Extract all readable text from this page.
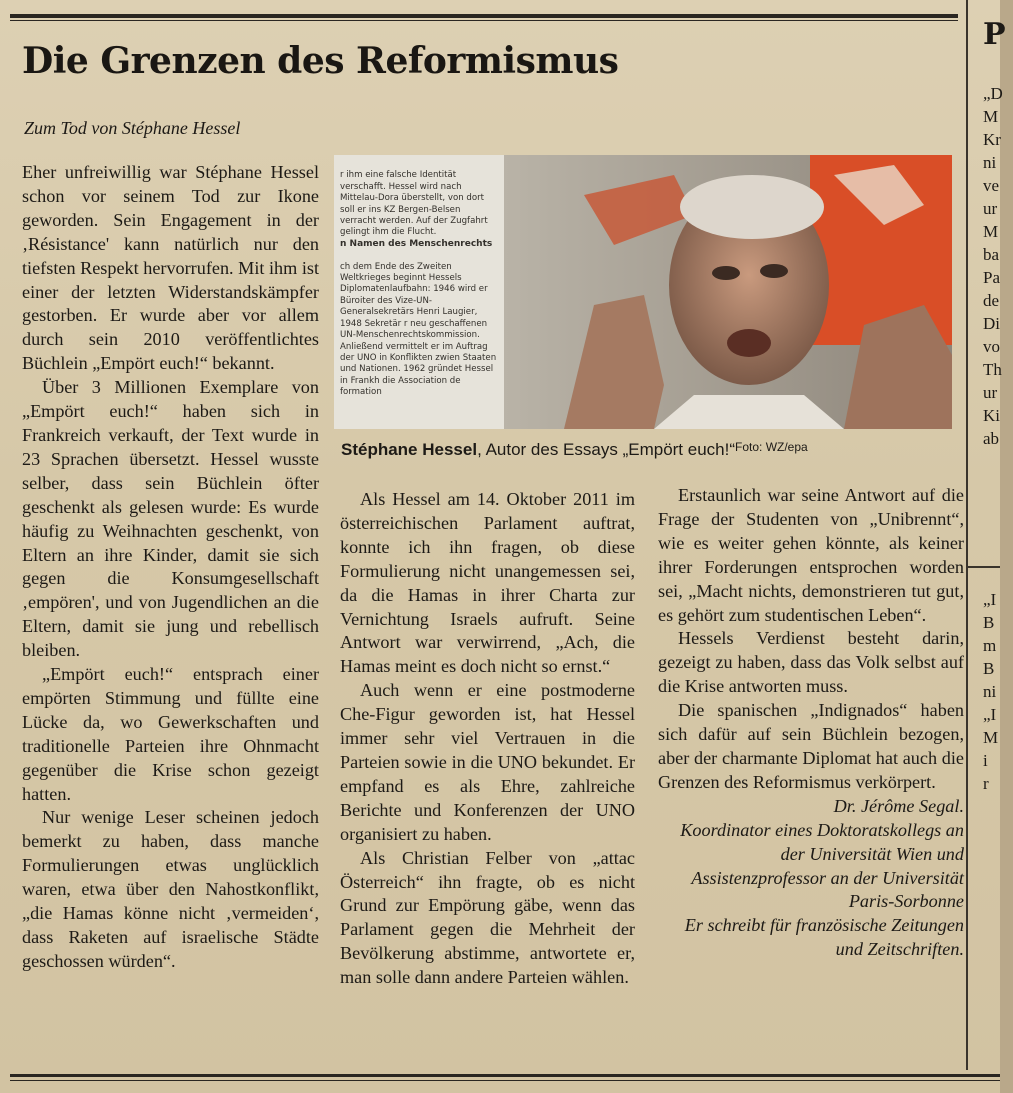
Die Grenzen des Reformismus
Zum Tod von Stéphane Hessel

Eher unfreiwillig war Stéphane Hessel schon vor seinem Tod zur Ikone geworden. Sein Engagement in der ‚Résistance' kann natürlich nur den tiefsten Respekt hervorrufen. Mit ihm ist einer der letzten Widerstandskämpfer gestorben. Er wurde aber vor allem durch sein 2010 veröffentlichtes Büchlein „Empört euch!“ bekannt.

Über 3 Millionen Exemplare von „Empört euch!“ haben sich in Frankreich verkauft, der Text wurde in 23 Sprachen übersetzt. Hessel wusste selber, dass sein Büchlein öfter geschenkt als gelesen wurde: Es wurde häufig zu Weihnachten geschenkt, von Eltern an ihre Kinder, damit sie sich gegen die Konsumgesellschaft ‚empören', und von Jugendlichen an die Eltern, damit sie jung und rebellisch bleiben.

„Empört euch!“ entsprach einer empörten Stimmung und füllte eine Lücke da, wo Gewerkschaften und traditionelle Parteien ihre Ohnmacht gegenüber die Krise schon gezeigt hatten.

Nur wenige Leser scheinen jedoch bemerkt zu haben, dass manche Formulierungen etwas unglücklich waren, etwa über den Nahostkonflikt, „die Hamas könne nicht ‚vermeiden‘, dass Raketen auf israelische Städte geschossen würden“.

r ihm eine falsche Identität verschafft. Hessel wird nach Mittelau-Dora überstellt, von dort soll er ins KZ Bergen-Belsen verracht werden. Auf der Zugfahrt gelingt ihm die Flucht.

n Namen des Menschenrechts

ch dem Ende des Zweiten Weltkrieges beginnt Hessels Diplomatenlaufbahn: 1946 wird er Büroiter des Vize-UN-Generalsekretärs Henri Laugier, 1948 Sekretär r neu geschaffenen UN-Menschenrechtskommission. Anließend vermittelt er im Auftrag der UNO in Konflikten zwien Staaten und Nationen. 1962 gründet Hessel in Frankh die Association de formation

Stéphane Hessel, Autor des Essays „Empört euch!“$^{Foto: WZ/epa}$

Als Hessel am 14. Oktober 2011 im österreichischen Parlament auftrat, konnte ich ihn fragen, ob diese Formulierung nicht unangemessen sei, da die Hamas in ihrer Charta zur Vernichtung Israels aufruft. Seine Antwort war verwirrend, „Ach, die Hamas meint es doch nicht so ernst.“

Auch wenn er eine postmoderne Che-Figur geworden ist, hat Hessel immer sehr viel Vertrauen in die Parteien sowie in die UNO bekundet. Er empfand es als Ehre, zahlreiche Berichte und Konferenzen der UNO organisiert zu haben.

Als Christian Felber von „attac Österreich“ ihn fragte, ob es nicht Grund zur Empörung gäbe, wenn das Parlament gegen die Mehrheit der Bevölkerung abstimme, antwortete er, man solle dann andere Parteien wählen.

Erstaunlich war seine Antwort auf die Frage der Studenten von „Unibrennt“, wie es weiter gehen könnte, als keiner ihrer Forderungen entsprochen worden sei, „Macht nichts, demonstrieren tut gut, es gehört zum studentischen Leben“.

Hessels Verdienst besteht darin, gezeigt zu haben, dass das Volk selbst auf die Krise antworten muss.

Die spanischen „Indignados“ haben sich dafür auf sein Büchlein bezogen, aber der charmante Diplomat hat auch die Grenzen des Reformismus verkörpert.

Dr. Jérôme Segal.

Koordinator eines Doktoratskollegs an der Universität Wien und

Assistenzprofessor an der Universität Paris-Sorbonne

Er schreibt für französische Zeitungen und Zeitschriften.

P
„D
M
Kr
ni
ve
ur
M
ba
Pa
de
Di
vo
Th
ur
Ki
ab
„I
B
m
B
ni
„I
M
i
r
